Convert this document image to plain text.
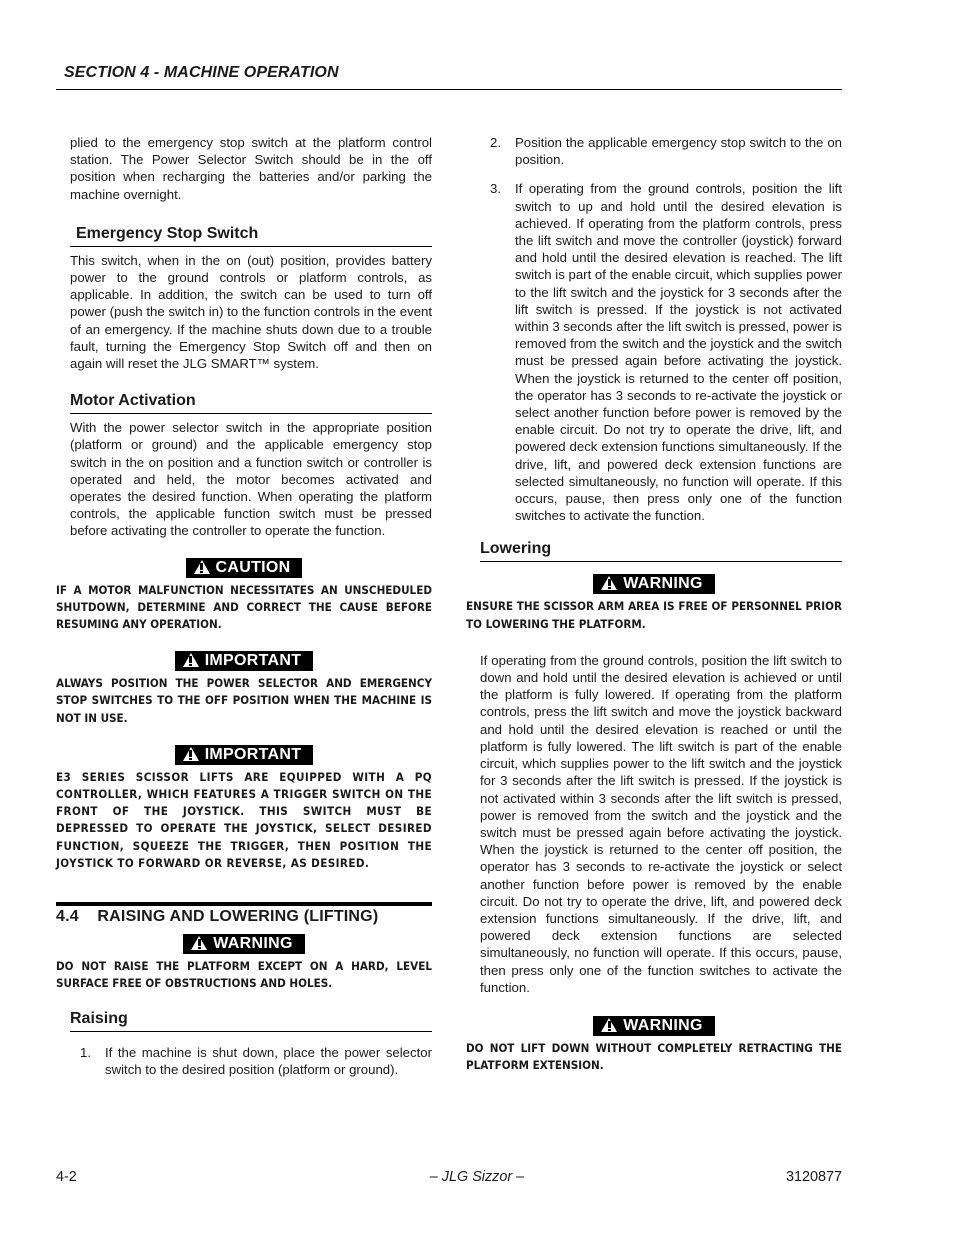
SECTION 4 - MACHINE OPERATION

plied to the emergency stop switch at the platform control station. The Power Selector Switch should be in the off position when recharging the batteries and/or parking the machine overnight.

Emergency Stop Switch

This switch, when in the on (out) position, provides battery power to the ground controls or platform controls, as applicable. In addition, the switch can be used to turn off power (push the switch in) to the function controls in the event of an emergency. If the machine shuts down due to a trouble fault, turning the Emergency Stop Switch off and then on again will reset the JLG SMART™ system.

Motor Activation

With the power selector switch in the appropriate position (platform or ground) and the applicable emergency stop switch in the on position and a function switch or controller is operated and held, the motor becomes activated and operates the desired function. When operating the platform controls, the applicable function switch must be pressed before activating the controller to operate the function.

CAUTION

IF A MOTOR MALFUNCTION NECESSITATES AN UNSCHEDULED SHUTDOWN, DETERMINE AND CORRECT THE CAUSE BEFORE RESUMING ANY OPERATION.

IMPORTANT

ALWAYS POSITION THE POWER SELECTOR AND EMERGENCY STOP SWITCHES TO THE OFF POSITION WHEN THE MACHINE IS NOT IN USE.

IMPORTANT

E3 SERIES SCISSOR LIFTS ARE EQUIPPED WITH A PQ CONTROLLER, WHICH FEATURES A TRIGGER SWITCH ON THE FRONT OF THE JOYSTICK. THIS SWITCH MUST BE DEPRESSED TO OPERATE THE JOYSTICK, SELECT DESIRED FUNCTION, SQUEEZE THE TRIGGER, THEN POSITION THE JOYSTICK TO FORWARD OR REVERSE, AS DESIRED.

4.4    RAISING AND LOWERING (LIFTING)
WARNING

DO NOT RAISE THE PLATFORM EXCEPT ON A HARD, LEVEL SURFACE FREE OF OBSTRUCTIONS AND HOLES.

Raising
1. If the machine is shut down, place the power selector switch to the desired position (platform or ground).
2. Position the applicable emergency stop switch to the on position.
3. If operating from the ground controls, position the lift switch to up and hold until the desired elevation is achieved. If operating from the platform controls, press the lift switch and move the controller (joystick) forward and hold until the desired elevation is reached. The lift switch is part of the enable circuit, which supplies power to the lift switch and the joystick for 3 seconds after the lift switch is pressed. If the joystick is not activated within 3 seconds after the lift switch is pressed, power is removed from the switch and the joystick and the switch must be pressed again before activating the joystick. When the joystick is returned to the center off position, the operator has 3 seconds to re-activate the joystick or select another function before power is removed by the enable circuit. Do not try to operate the drive, lift, and powered deck extension functions simultaneously. If the drive, lift, and powered deck extension functions are selected simultaneously, no function will operate. If this occurs, pause, then press only one of the function switches to activate the function.
Lowering
WARNING

ENSURE THE SCISSOR ARM AREA IS FREE OF PERSONNEL PRIOR TO LOWERING THE PLATFORM.

If operating from the ground controls, position the lift switch to down and hold until the desired elevation is achieved or until the platform is fully lowered. If operating from the platform controls, press the lift switch and move the joystick backward and hold until the desired elevation is reached or until the platform is fully lowered. The lift switch is part of the enable circuit, which supplies power to the lift switch and the joystick for 3 seconds after the lift switch is pressed. If the joystick is not activated within 3 seconds after the lift switch is pressed, power is removed from the switch and the joystick and the switch must be pressed again before activating the joystick. When the joystick is returned to the center off position, the operator has 3 seconds to re-activate the joystick or select another function before power is removed by the enable circuit. Do not try to operate the drive, lift, and powered deck extension functions simultaneously. If the drive, lift, and powered deck extension functions are selected simultaneously, no function will operate. If this occurs, pause, then press only one of the function switches to activate the function.

WARNING

DO NOT LIFT DOWN WITHOUT COMPLETELY RETRACTING THE PLATFORM EXTENSION.

4-2	– JLG Sizzor –	3120877
